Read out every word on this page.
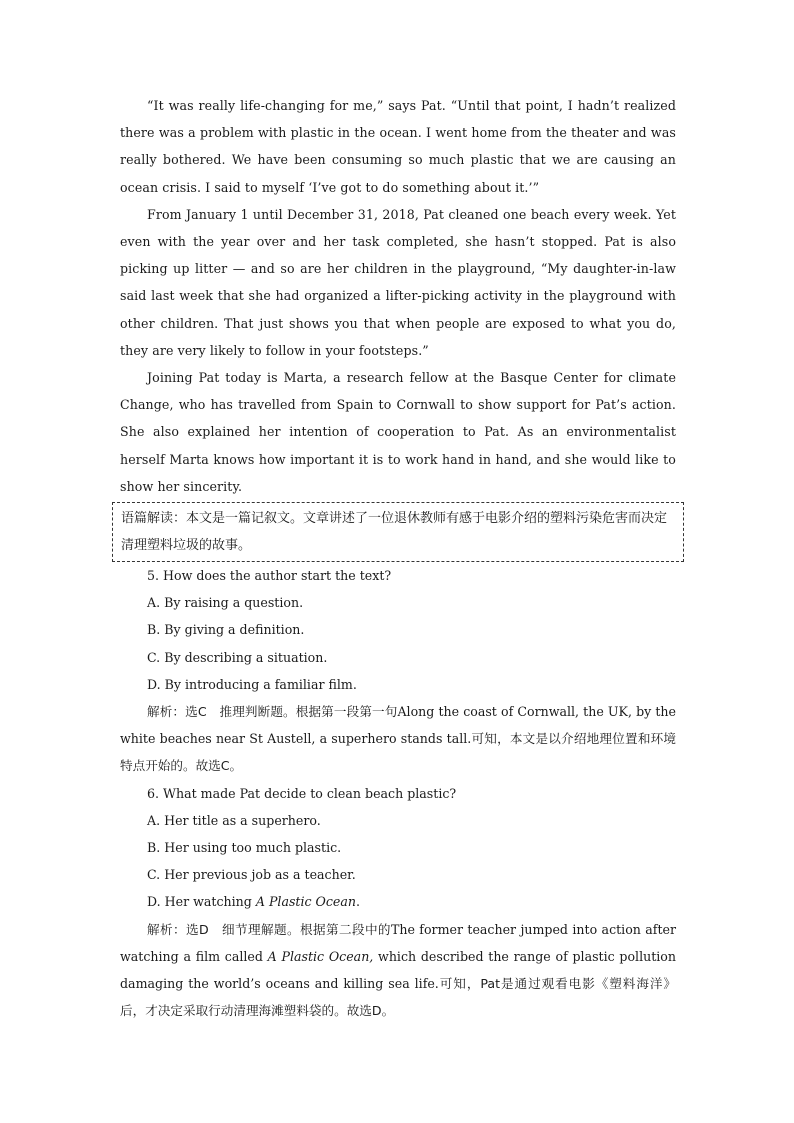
“It was really life-changing for me,” says Pat. “Until that point, I hadn’t realized there was a problem with plastic in the ocean. I went home from the theater and was really bothered. We have been consuming so much plastic that we are causing an ocean crisis. I said to myself ‘I’ve got to do something about it.’”

From January 1 until December 31, 2018, Pat cleaned one beach every week. Yet even with the year over and her task completed, she hasn’t stopped. Pat is also picking up litter — and so are her children in the playground, “My daughter-in-law said last week that she had organized a lifter-picking activity in the playground with other children. That just shows you that when people are exposed to what you do, they are very likely to follow in your footsteps.”

Joining Pat today is Marta, a research fellow at the Basque Center for climate Change, who has travelled from Spain to Cornwall to show support for Pat’s action. She also explained her intention of cooperation to Pat. As an environmentalist herself Marta knows how important it is to work hand in hand, and she would like to show her sincerity.

语篇解读：本文是一篇记叙文。文章讲述了一位退休教师有感于电影介绍的塑料污染危害而决定清理塑料垃圾的故事。

5. How does the author start the text?

A. By raising a question.

B. By giving a definition.

C. By describing a situation.

D. By introducing a familiar film.

解析：选C　推理判断题。根据第一段第一句Along the coast of Cornwall, the UK, by the white beaches near St Austell, a superhero stands tall.可知，本文是以介绍地理位置和环境特点开始的。故选C。

6. What made Pat decide to clean beach plastic?

A. Her title as a superhero.

B. Her using too much plastic.

C. Her previous job as a teacher.

D. Her watching A Plastic Ocean.

解析：选D　细节理解题。根据第二段中的The former teacher jumped into action after watching a film called A Plastic Ocean, which described the range of plastic pollution damaging the world’s oceans and killing sea life.可知，Pat是通过观看电影《塑料海洋》后，才决定采取行动清理海滩塑料袋的。故选D。
